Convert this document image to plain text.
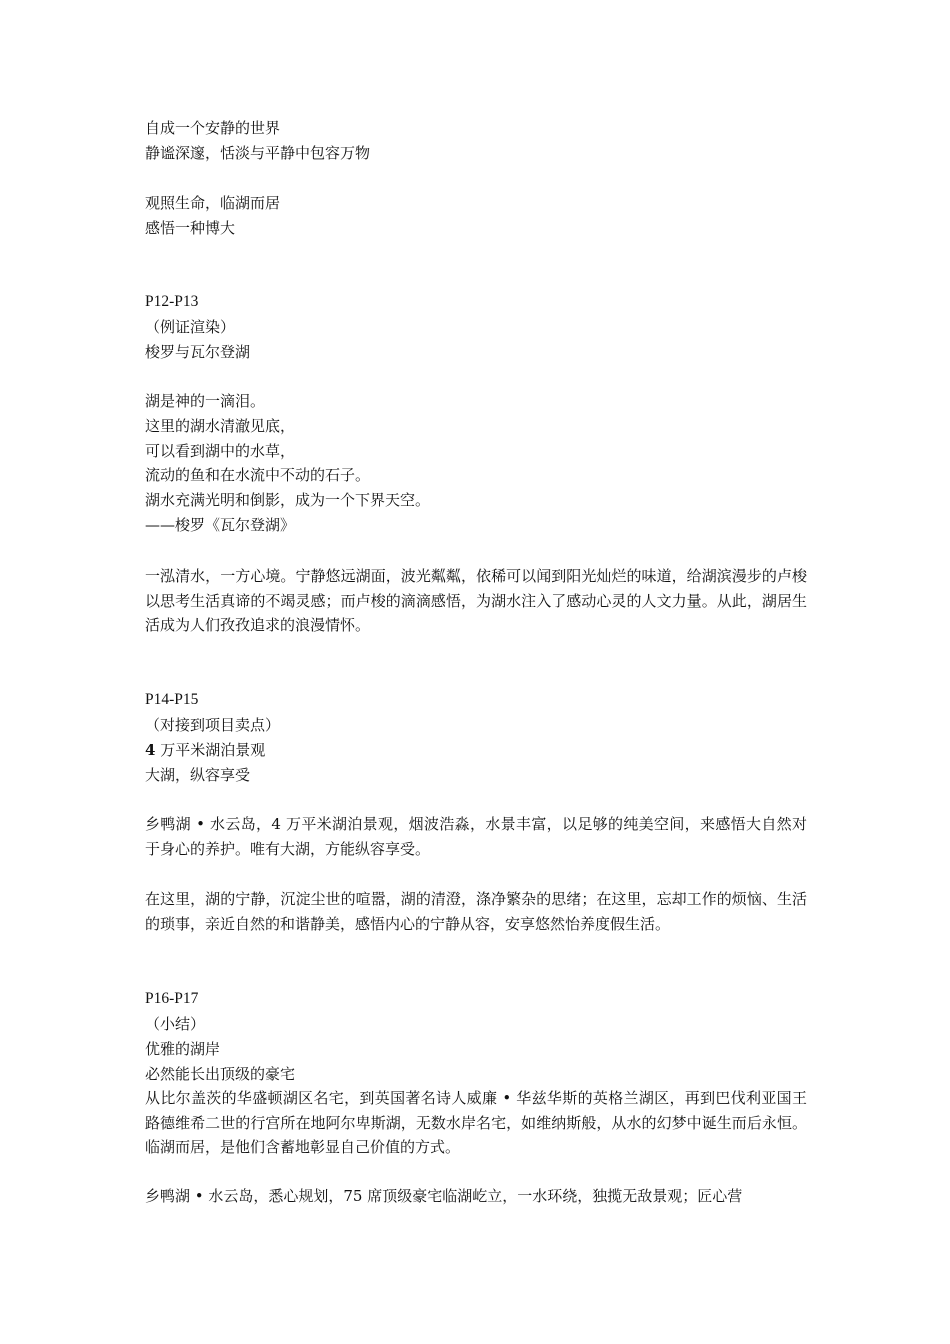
自成一个安静的世界
静谧深邃，恬淡与平静中包容万物
观照生命，临湖而居
感悟一种博大
P12-P13
（例证渲染）
梭罗与瓦尔登湖
湖是神的一滴泪。
这里的湖水清澈见底，
可以看到湖中的水草，
流动的鱼和在水流中不动的石子。
湖水充满光明和倒影，成为一个下界天空。
——梭罗《瓦尔登湖》
一泓清水，一方心境。宁静悠远湖面，波光粼粼，依稀可以闻到阳光灿烂的味道，给湖滨漫步的卢梭以思考生活真谛的不竭灵感；而卢梭的滴滴感悟，为湖水注入了感动心灵的人文力量。从此，湖居生活成为人们孜孜追求的浪漫情怀。
P14-P15
（对接到项目卖点）
4 万平米湖泊景观
大湖，纵容享受
乡鸭湖 • 水云岛，4 万平米湖泊景观，烟波浩淼，水景丰富，以足够的纯美空间，来感悟大自然对于身心的养护。唯有大湖，方能纵容享受。
在这里，湖的宁静，沉淀尘世的喧嚣，湖的清澄，涤净繁杂的思绪；在这里，忘却工作的烦恼、生活的琐事，亲近自然的和谐静美，感悟内心的宁静从容，安享悠然怡养度假生活。
P16-P17
（小结）
优雅的湖岸
必然能长出顶级的豪宅
从比尔盖茨的华盛顿湖区名宅，到英国著名诗人威廉 • 华兹华斯的英格兰湖区，再到巴伐利亚国王路德维希二世的行宫所在地阿尔卑斯湖，无数水岸名宅，如维纳斯般，从水的幻梦中诞生而后永恒。临湖而居，是他们含蓄地彰显自己价值的方式。
乡鸭湖 • 水云岛，悉心规划，75 席顶级豪宅临湖屹立，一水环绕，独揽无敌景观；匠心营
